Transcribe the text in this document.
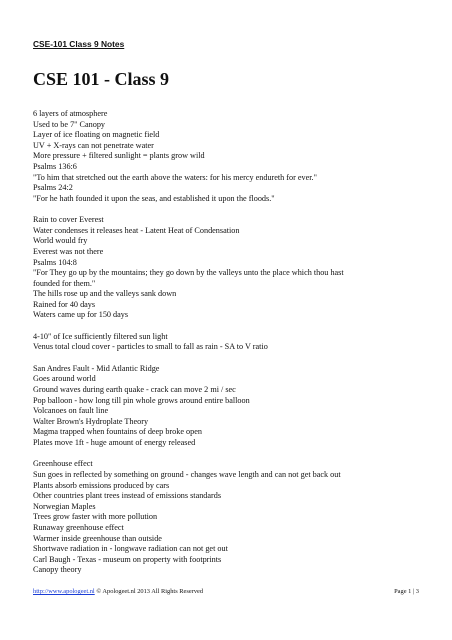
CSE-101 Class 9 Notes
CSE 101 - Class 9
6 layers of atmosphere
Used to be 7" Canopy
Layer of ice floating on magnetic field
UV + X-rays can not penetrate water
More pressure + filtered sunlight = plants grow wild
Psalms 136:6
"To him that stretched out the earth above the waters: for his mercy endureth for ever."
Psalms 24:2
"For he hath founded it upon the seas, and established it upon the floods."
Rain to cover Everest
Water condenses it releases heat - Latent Heat of Condensation
World would fry
Everest was not there
Psalms 104:8
"For They go up by the mountains; they go down by the valleys unto the place which thou hast
founded for them."
The hills rose up and the valleys sank down
Rained for 40 days
Waters came up for 150 days
4-10" of Ice sufficiently filtered sun light
Venus total cloud cover - particles to small to fall as rain - SA to V ratio
San Andres Fault - Mid Atlantic Ridge
Goes around world
Ground waves during earth quake - crack can move 2 mi / sec
Pop balloon - how long till pin whole grows around entire balloon
Volcanoes on fault line
Walter Brown's Hydroplate Theory
Magma trapped when fountains of deep broke open
Plates move 1ft - huge amount of energy released
Greenhouse effect
Sun goes in reflected by something on ground - changes wave length and can not get back out
Plants absorb emissions produced by cars
Other countries plant trees instead of emissions standards
Norwegian Maples
Trees grow faster with more pollution
Runaway greenhouse effect
Warmer inside greenhouse than outside
Shortwave radiation in - longwave radiation can not get out
Carl Baugh - Texas - museum on property with footprints
Canopy theory
http://www.apologeet.nl © Apologeet.nl 2013 All Rights Reserved	Page 1 | 3
